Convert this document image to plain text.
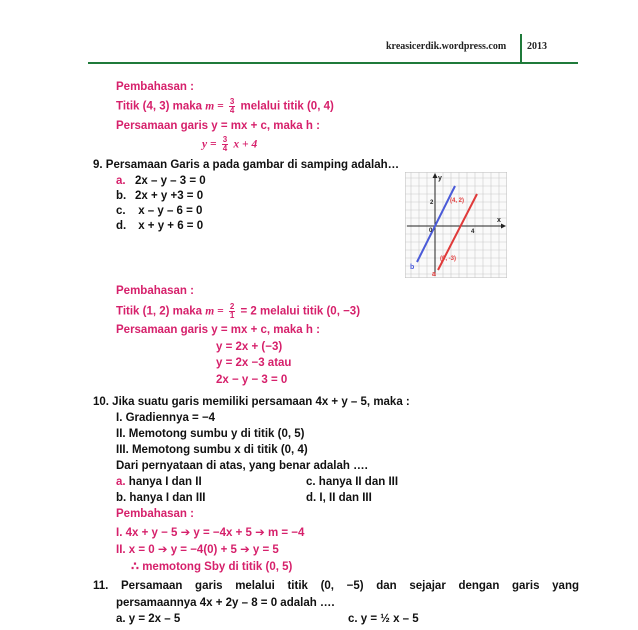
kreasicerdik.wordpress.com 2013
Pembahasan :
Titik (4, 3) maka $m = \frac{3}{4}$ melalui titik (0, 4)
Persamaan garis y = mx + c, maka h :
$y = \frac{3}{4}$ x + 4
9. Persamaan Garis a pada gambar di samping adalah…
a. 2x – y – 3 = 0
b. 2x + y +3 = 0
c. x – y – 6 = 0
d. x + y + 6 = 0	x
y
0
2
4
b
a
(4, 2)
(0, -3)
Pembahasan :
Titik (1, 2) maka $m = \frac{2}{1} = 2$ melalui titik (0, −3)
Persamaan garis y = mx + c, maka h :
y = 2x + (−3)
y = 2x −3 atau
2x − y − 3 = 0
10. Jika suatu garis memiliki persamaan 4x + y – 5, maka :
I. Gradiennya = −4
II. Memotong sumbu y di titik (0, 5)
III. Memotong sumbu x di titik (0, 4)
Dari pernyataan di atas, yang benar adalah ….
a. hanya I dan II	c. hanya II dan III
b. hanya I dan III	d. I, II dan III
Pembahasan :
I. 4x + y − 5 ➔ y = −4x + 5 ➔ m = −4
II. x = 0 ➔ y = −4(0) + 5 ➔ y = 5
∴ memotong Sby di titik (0, 5)
11. Persamaan garis melalui titik (0, −5) dan sejajar dengan garis yang
persamaannya 4x + 2y – 8 = 0 adalah ….
a. y = 2x – 5	c. y = ½ x – 5
